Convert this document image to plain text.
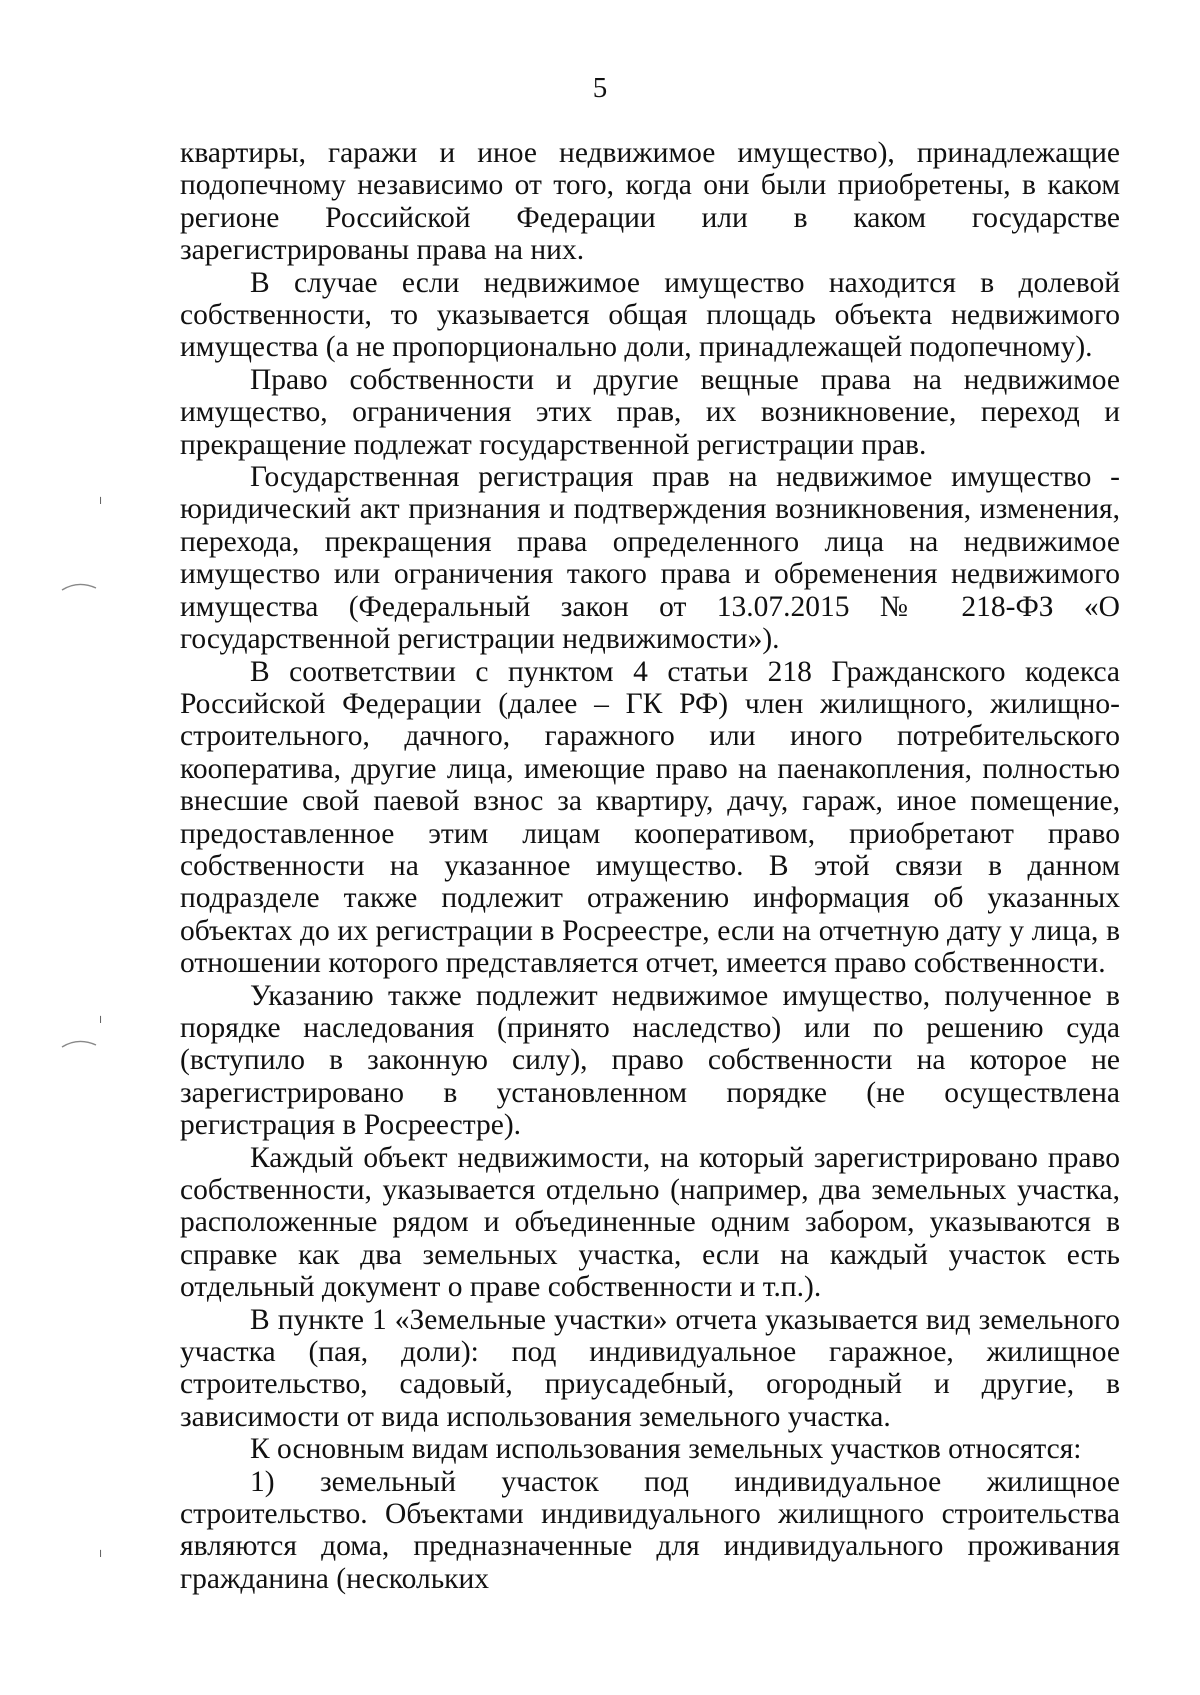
5

квартиры, гаражи и иное недвижимое имущество), принадлежащие подопечному независимо от того, когда они были приобретены, в каком регионе Российской Федерации или в каком государстве зарегистрированы права на них.

В случае если недвижимое имущество находится в долевой собственности, то указывается общая площадь объекта недвижимого имущества (а не пропорционально доли, принадлежащей подопечному).

Право собственности и другие вещные права на недвижимое имущество, ограничения этих прав, их возникновение, переход и прекращение подлежат государственной регистрации прав.

Государственная регистрация прав на недвижимое имущество - юридический акт признания и подтверждения возникновения, изменения, перехода, прекращения права определенного лица на недвижимое имущество или ограничения такого права и обременения недвижимого имущества (Федеральный закон от 13.07.2015 № 218-ФЗ «О государственной регистрации недвижимости»).

В соответствии с пунктом 4 статьи 218 Гражданского кодекса Российской Федерации (далее – ГК РФ) член жилищного, жилищно-строительного, дачного, гаражного или иного потребительского кооператива, другие лица, имеющие право на паенакопления, полностью внесшие свой паевой взнос за квартиру, дачу, гараж, иное помещение, предоставленное этим лицам кооперативом, приобретают право собственности на указанное имущество. В этой связи в данном подразделе также подлежит отражению информация об указанных объектах до их регистрации в Росреестре, если на отчетную дату у лица, в отношении которого представляется отчет, имеется право собственности.

Указанию также подлежит недвижимое имущество, полученное в порядке наследования (принято наследство) или по решению суда (вступило в законную силу), право собственности на которое не зарегистрировано в установленном порядке (не осуществлена регистрация в Росреестре).

Каждый объект недвижимости, на который зарегистрировано право собственности, указывается отдельно (например, два земельных участка, расположенные рядом и объединенные одним забором, указываются в справке как два земельных участка, если на каждый участок есть отдельный документ о праве собственности и т.п.).

В пункте 1 «Земельные участки» отчета указывается вид земельного участка (пая, доли): под индивидуальное гаражное, жилищное строительство, садовый, приусадебный, огородный и другие, в зависимости от вида использования земельного участка.

К основным видам использования земельных участков относятся:

1) земельный участок под индивидуальное жилищное строительство. Объектами индивидуального жилищного строительства являются дома, предназначенные для индивидуального проживания гражданина (нескольких

╷
╷
╷
